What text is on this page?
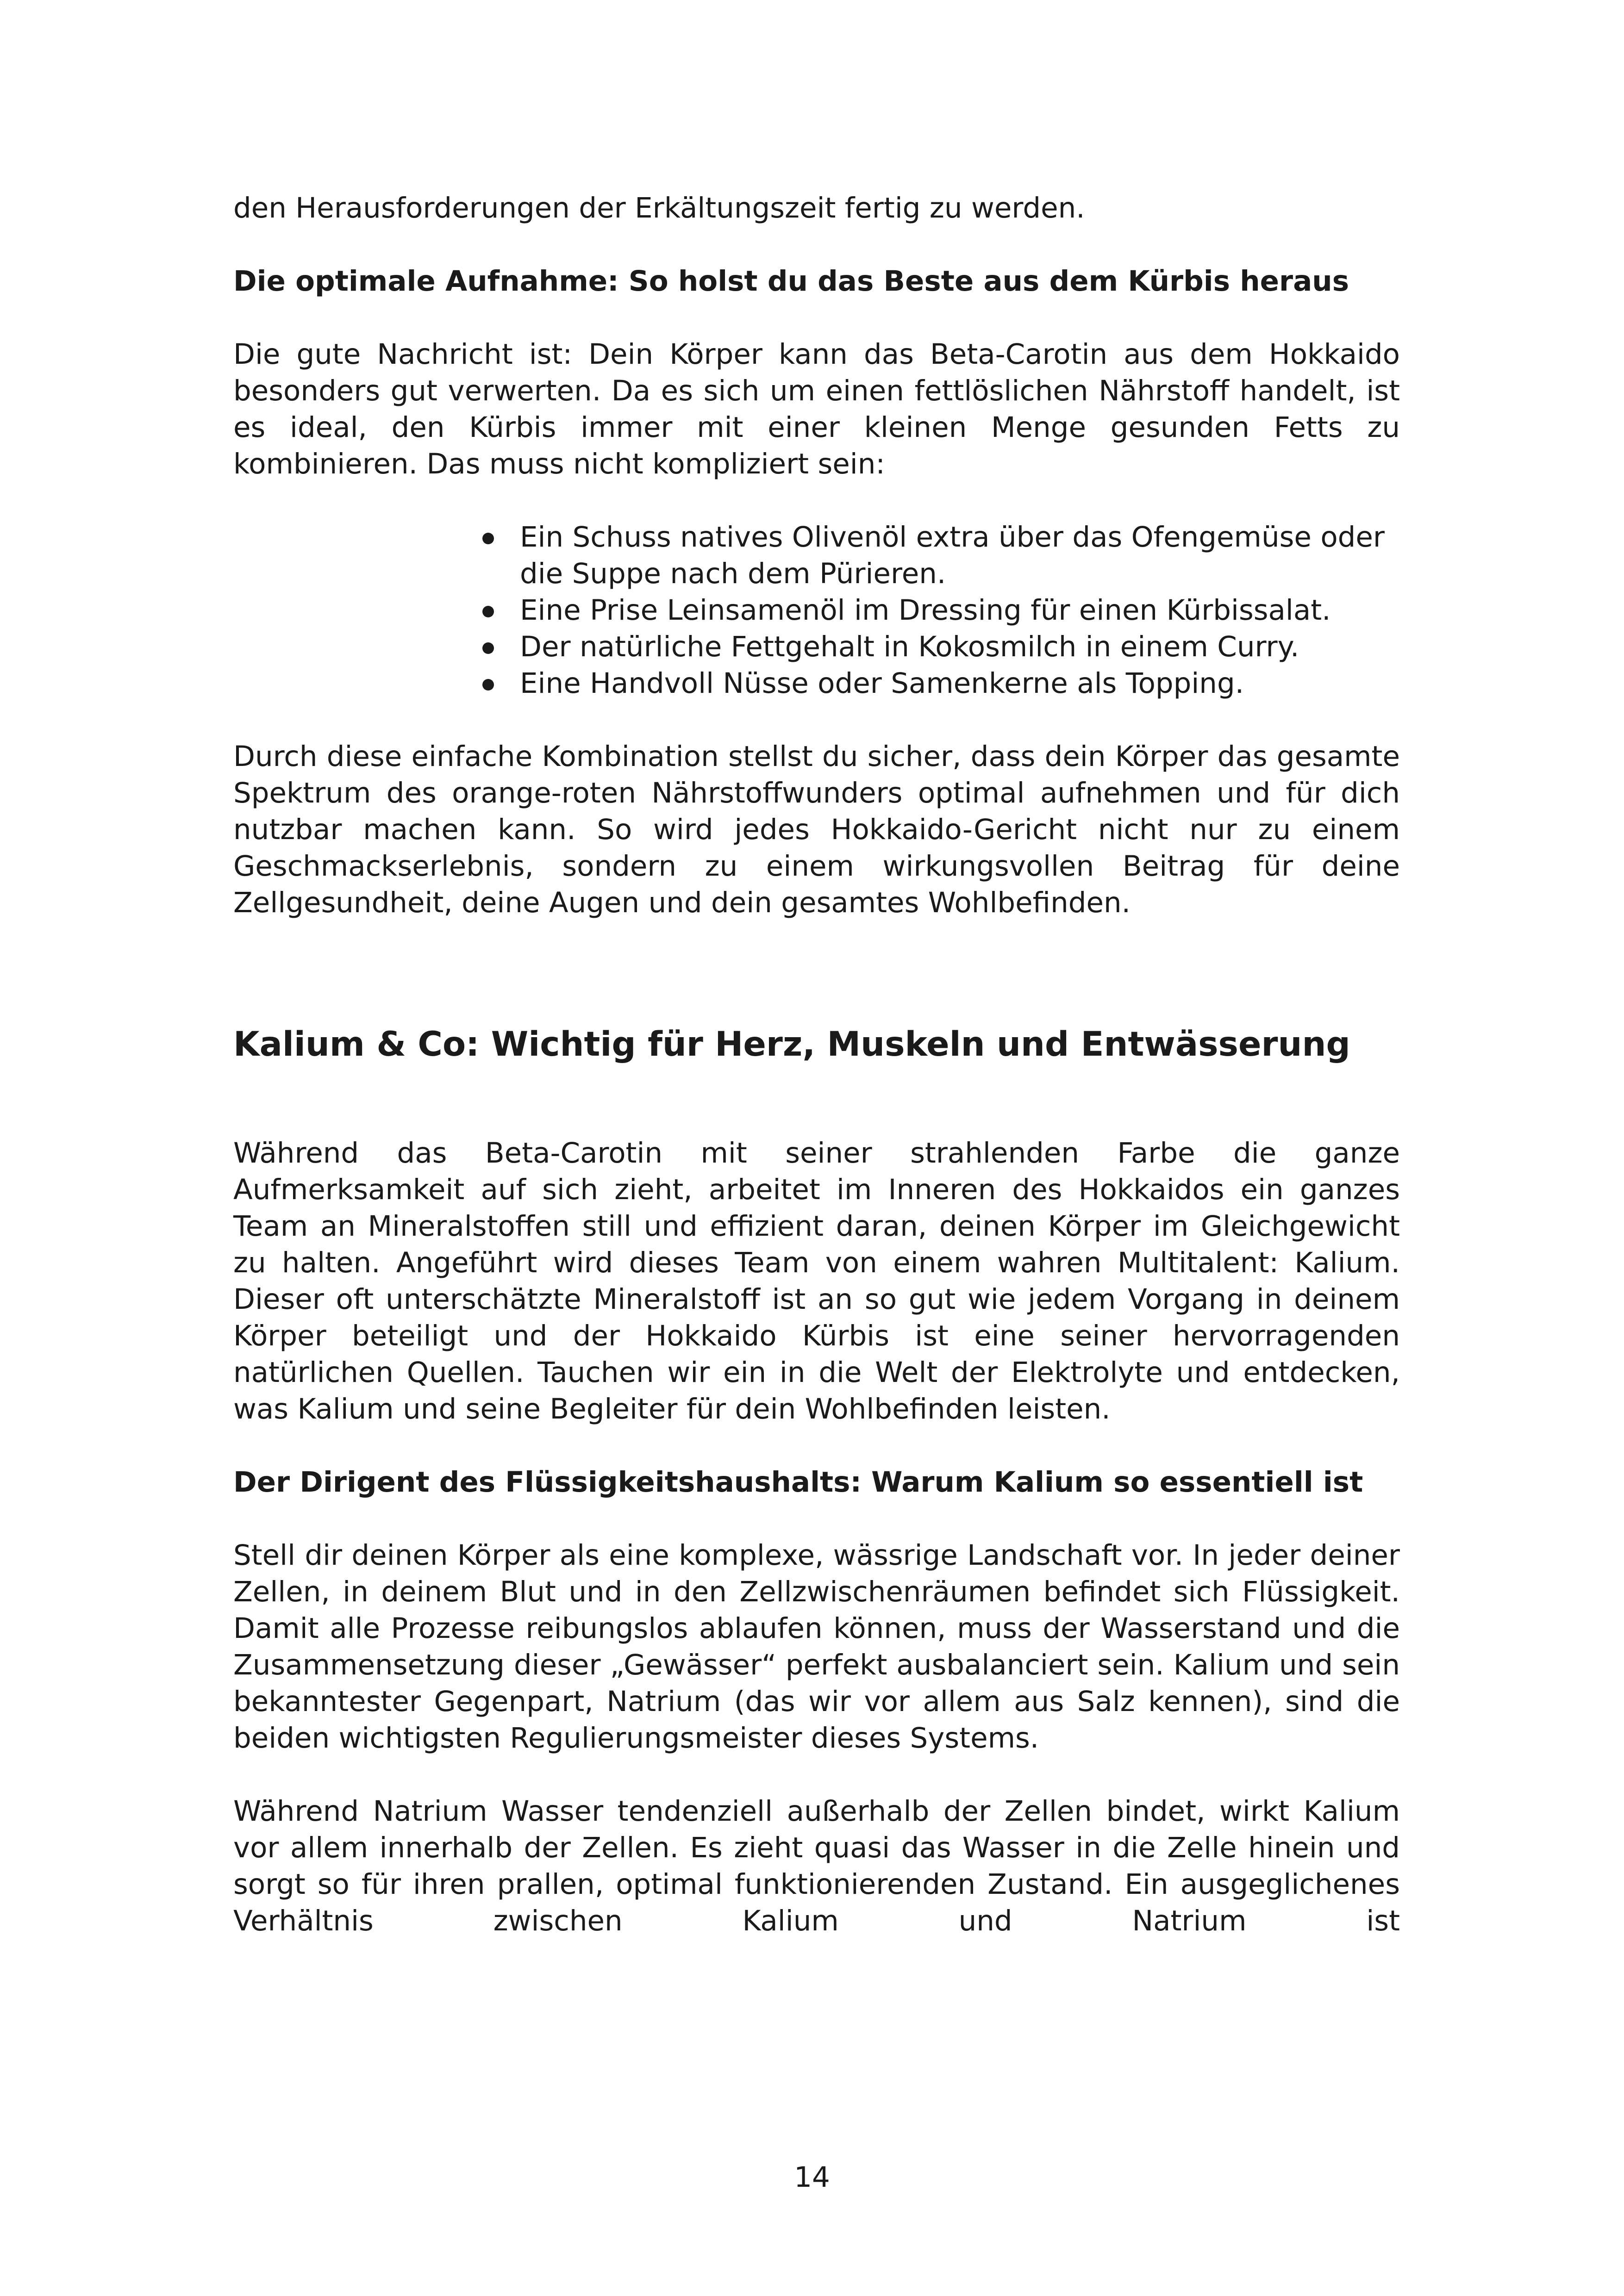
den Herausforderungen der Erkältungszeit fertig zu werden.

Die optimale Aufnahme: So holst du das Beste aus dem Kürbis heraus

Die gute Nachricht ist: Dein Körper kann das Beta-Carotin aus dem Hokkaido besonders gut verwerten. Da es sich um einen fettlöslichen Nährstoff handelt, ist es ideal, den Kürbis immer mit einer kleinen Menge gesunden Fetts zu kombinieren. Das muss nicht kompliziert sein:

Ein Schuss natives Olivenöl extra über das Ofengemüse oder die Suppe nach dem Pürieren.
Eine Prise Leinsamenöl im Dressing für einen Kürbissalat.
Der natürliche Fettgehalt in Kokosmilch in einem Curry.
Eine Handvoll Nüsse oder Samenkerne als Topping.

Durch diese einfache Kombination stellst du sicher, dass dein Körper das gesamte Spektrum des orange-roten Nährstoffwunders optimal aufnehmen und für dich nutzbar machen kann. So wird jedes Hokkaido-Gericht nicht nur zu einem Geschmackserlebnis, sondern zu einem wirkungsvollen Beitrag für deine Zellgesundheit, deine Augen und dein gesamtes Wohlbefinden.

Kalium & Co: Wichtig für Herz, Muskeln und Entwässerung

Während das Beta-Carotin mit seiner strahlenden Farbe die ganze Aufmerksamkeit auf sich zieht, arbeitet im Inneren des Hokkaidos ein ganzes Team an Mineralstoffen still und effizient daran, deinen Körper im Gleichgewicht zu halten. Angeführt wird dieses Team von einem wahren Multitalent: Kalium. Dieser oft unterschätzte Mineralstoff ist an so gut wie jedem Vorgang in deinem Körper beteiligt und der Hokkaido Kürbis ist eine seiner hervorragenden natürlichen Quellen. Tauchen wir ein in die Welt der Elektrolyte und entdecken, was Kalium und seine Begleiter für dein Wohlbefinden leisten.

Der Dirigent des Flüssigkeitshaushalts: Warum Kalium so essentiell ist

Stell dir deinen Körper als eine komplexe, wässrige Landschaft vor. In jeder deiner Zellen, in deinem Blut und in den Zellzwischenräumen befindet sich Flüssigkeit. Damit alle Prozesse reibungslos ablaufen können, muss der Wasserstand und die Zusammensetzung dieser „Gewässer“ perfekt ausbalanciert sein. Kalium und sein bekanntester Gegenpart, Natrium (das wir vor allem aus Salz kennen), sind die beiden wichtigsten Regulierungsmeister dieses Systems.

Während Natrium Wasser tendenziell außerhalb der Zellen bindet, wirkt Kalium vor allem innerhalb der Zellen. Es zieht quasi das Wasser in die Zelle hinein und sorgt so für ihren prallen, optimal funktionierenden Zustand. Ein ausgeglichenes Verhältnis zwischen Kalium und Natrium ist

14
